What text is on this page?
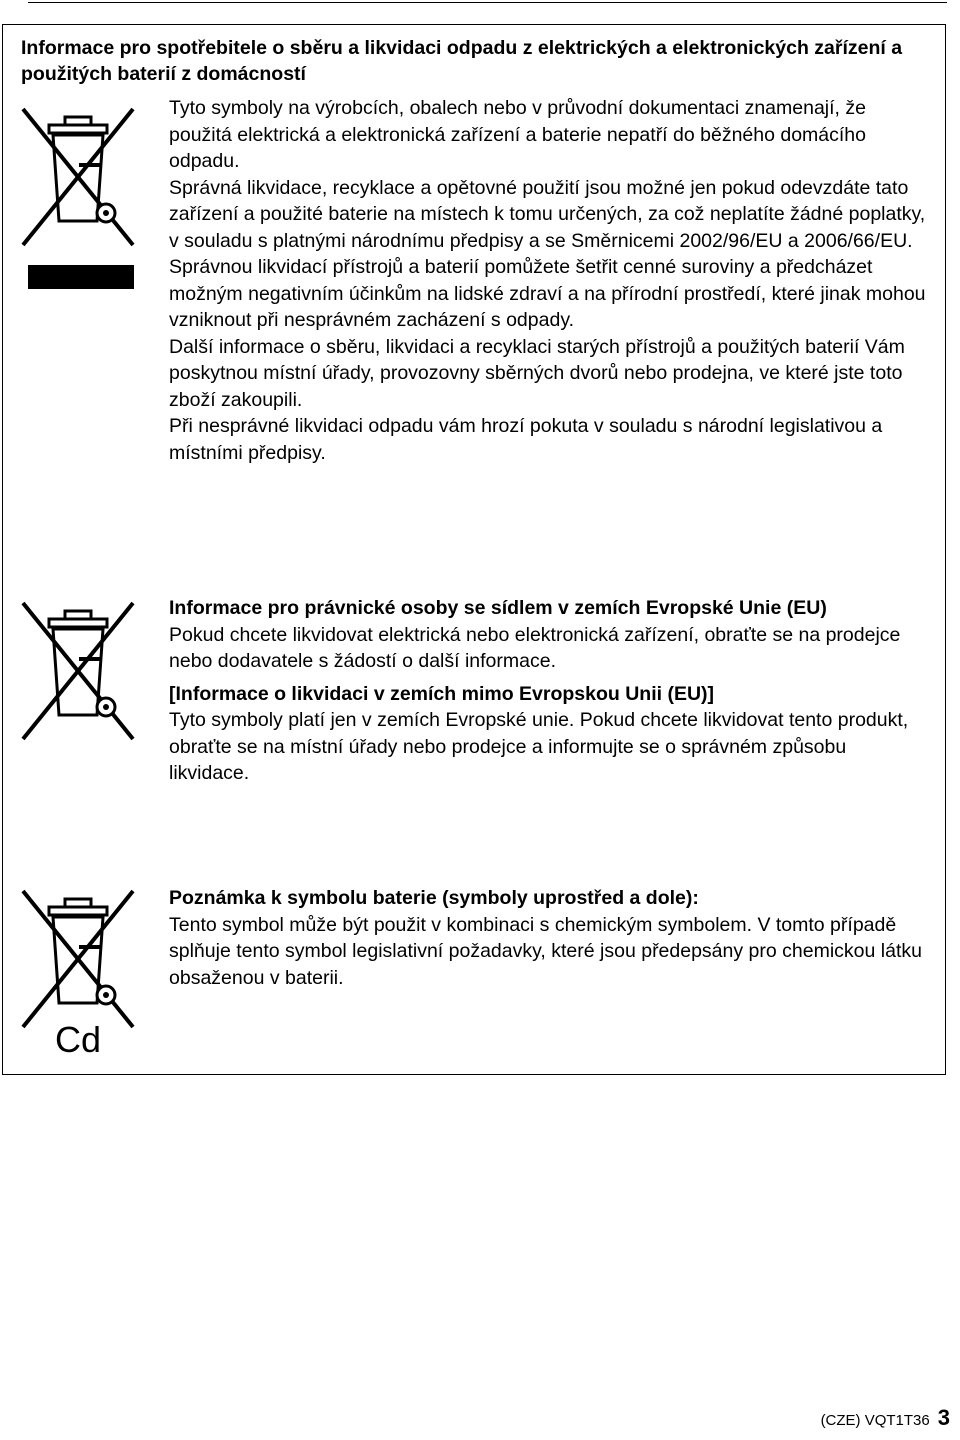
Informace pro spotřebitele o sběru a likvidaci odpadu z elektrických a elektronických zařízení a použitých baterií z domácností

Tyto symboly na výrobcích, obalech nebo v průvodní dokumentaci znamenají, že použitá elektrická a elektronická zařízení a baterie nepatří do běžného domácího odpadu.

Správná likvidace, recyklace a opětovné použití jsou možné jen pokud odevzdáte tato zařízení a použité baterie na místech k tomu určených, za což neplatíte žádné poplatky, v souladu s platnými národnímu předpisy a se Směrnicemi 2002/96/EU a 2006/66/EU.

Správnou likvidací přístrojů a baterií pomůžete šetřit cenné suroviny a předcházet možným negativním účinkům na lidské zdraví a na přírodní prostředí, které jinak mohou vzniknout při nesprávném zacházení s odpady.

Další informace o sběru, likvidaci a recyklaci starých přístrojů a použitých baterií Vám poskytnou místní úřady, provozovny sběrných dvorů nebo prodejna, ve které jste toto zboží zakoupili.

Při nesprávné likvidaci odpadu vám hrozí pokuta v souladu s národní legislativou a místními předpisy.

Informace pro právnické osoby se sídlem v zemích Evropské Unie (EU)

Pokud chcete likvidovat elektrická nebo elektronická zařízení, obraťte se na prodejce nebo dodavatele s žádostí o další informace.

[Informace o likvidaci v zemích mimo Evropskou Unii (EU)]

Tyto symboly platí jen v zemích Evropské unie. Pokud chcete likvidovat tento produkt, obraťte se na místní úřady nebo prodejce a informujte se o správném způsobu likvidace.

Cd

Poznámka k symbolu baterie (symboly uprostřed a dole):

Tento symbol může být použit v kombinaci s chemickým symbolem. V tomto případě splňuje tento symbol legislativní požadavky, které jsou předepsány pro chemickou látku obsaženou v baterii.

(CZE) VQT1T36 3
